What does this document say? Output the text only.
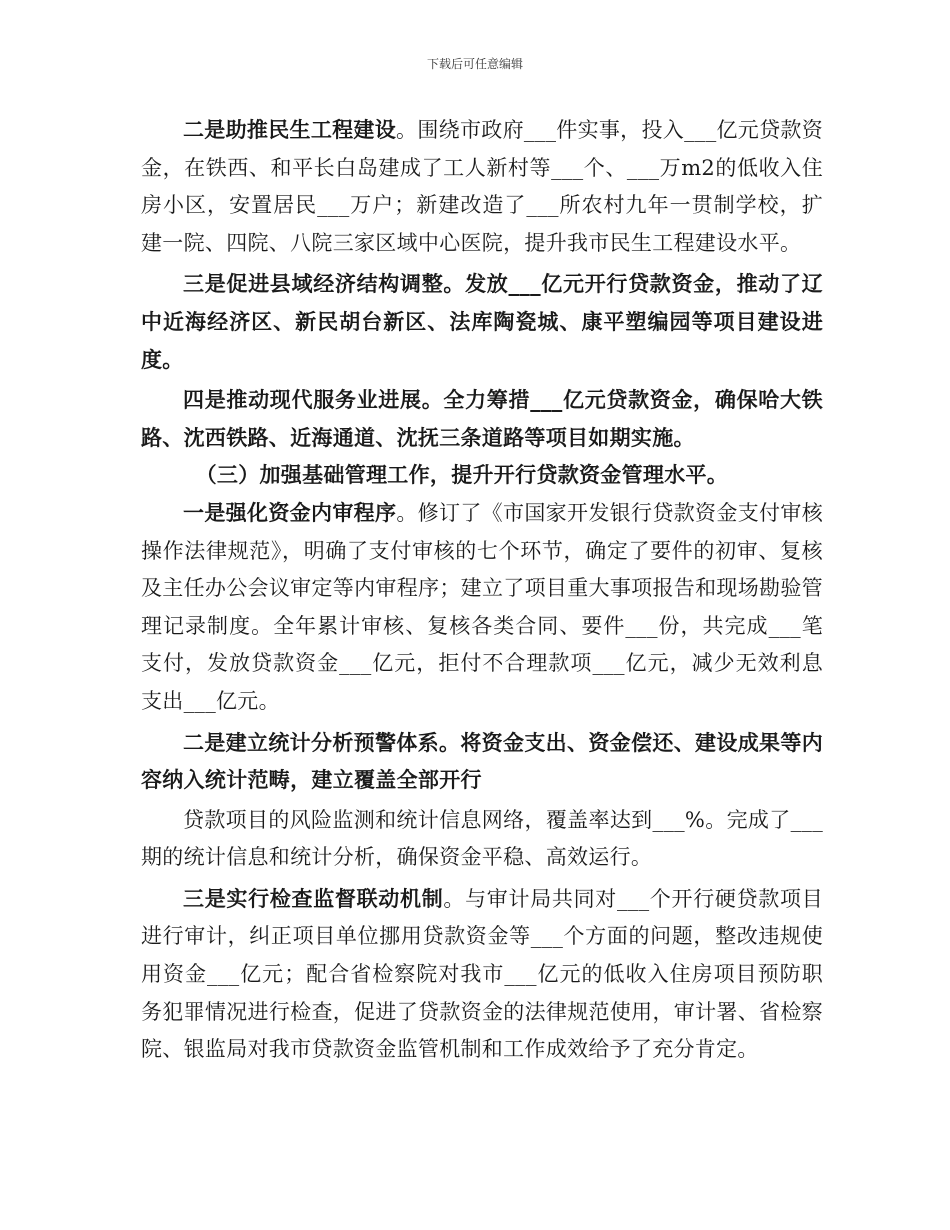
下载后可任意编辑

二是助推民生工程建设。围绕市政府___件实事，投入___亿元贷款资金，在铁西、和平长白岛建成了工人新村等___个、___万m2的低收入住房小区，安置居民___万户；新建改造了___所农村九年一贯制学校，扩建一院、四院、八院三家区域中心医院，提升我市民生工程建设水平。

三是促进县域经济结构调整。发放___亿元开行贷款资金，推动了辽中近海经济区、新民胡台新区、法库陶瓷城、康平塑编园等项目建设进度。

四是推动现代服务业进展。全力筹措___亿元贷款资金，确保哈大铁路、沈西铁路、近海通道、沈抚三条道路等项目如期实施。

（三）加强基础管理工作，提升开行贷款资金管理水平。

一是强化资金内审程序。修订了《市国家开发银行贷款资金支付审核操作法律规范》，明确了支付审核的七个环节，确定了要件的初审、复核及主任办公会议审定等内审程序；建立了项目重大事项报告和现场勘验管理记录制度。全年累计审核、复核各类合同、要件___份，共完成___笔支付，发放贷款资金___亿元，拒付不合理款项___亿元，减少无效利息支出___亿元。

二是建立统计分析预警体系。将资金支出、资金偿还、建设成果等内容纳入统计范畴，建立覆盖全部开行

贷款项目的风险监测和统计信息网络，覆盖率达到___%。完成了___期的统计信息和统计分析，确保资金平稳、高效运行。

三是实行检查监督联动机制。与审计局共同对___个开行硬贷款项目进行审计，纠正项目单位挪用贷款资金等___个方面的问题，整改违规使用资金___亿元；配合省检察院对我市___亿元的低收入住房项目预防职务犯罪情况进行检查，促进了贷款资金的法律规范使用，审计署、省检察院、银监局对我市贷款资金监管机制和工作成效给予了充分肯定。
